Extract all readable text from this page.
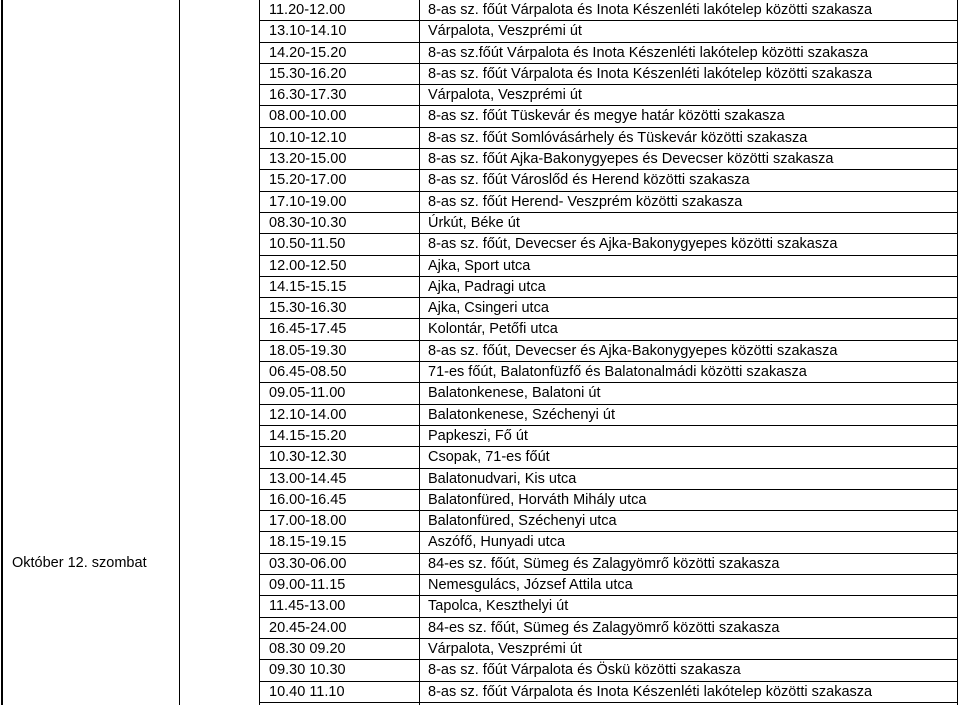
Október 12. szombat
11.20-12.00	8-as sz. főút Várpalota és Inota Készenléti lakótelep közötti szakasza
13.10-14.10	Várpalota, Veszprémi út
14.20-15.20	8-as sz.főút Várpalota és Inota Készenléti lakótelep közötti szakasza
15.30-16.20	8-as sz. főút Várpalota és Inota Készenléti lakótelep közötti szakasza
16.30-17.30	Várpalota, Veszprémi út
08.00-10.00	8-as sz. főút Tüskevár és megye határ közötti szakasza
10.10-12.10	8-as sz. főút Somlóvásárhely és Tüskevár közötti szakasza
13.20-15.00	8-as sz. főút Ajka-Bakonygyepes és Devecser közötti szakasza
15.20-17.00	8-as sz. főút Városlőd és Herend közötti szakasza
17.10-19.00	8-as sz. főút Herend- Veszprém közötti szakasza
08.30-10.30	Úrkút, Béke út
10.50-11.50	8-as sz. főút, Devecser és Ajka-Bakonygyepes közötti szakasza
12.00-12.50	Ajka, Sport utca
14.15-15.15	Ajka, Padragi utca
15.30-16.30	Ajka, Csingeri utca
16.45-17.45	Kolontár, Petőfi utca
18.05-19.30	8-as sz. főút, Devecser és Ajka-Bakonygyepes közötti szakasza
06.45-08.50	71-es főút, Balatonfüzfő és Balatonalmádi közötti szakasza
09.05-11.00	Balatonkenese, Balatoni út
12.10-14.00	Balatonkenese, Széchenyi út
14.15-15.20	Papkeszi, Fő út
10.30-12.30	Csopak, 71-es főút
13.00-14.45	Balatonudvari, Kis utca
16.00-16.45	Balatonfüred, Horváth Mihály utca
17.00-18.00	Balatonfüred, Széchenyi utca
18.15-19.15	Aszófő, Hunyadi utca
03.30-06.00	84-es sz. főút, Sümeg és Zalagyömrő közötti szakasza
09.00-11.15	Nemesgulács, József Attila utca
11.45-13.00	Tapolca, Keszthelyi út
20.45-24.00	84-es sz. főút, Sümeg és Zalagyömrő közötti szakasza
08.30 09.20	Várpalota, Veszprémi út
09.30 10.30	8-as sz. főút Várpalota és Öskü közötti szakasza
10.40 11.10	8-as sz. főút Várpalota és Inota Készenléti lakótelep közötti szakasza
